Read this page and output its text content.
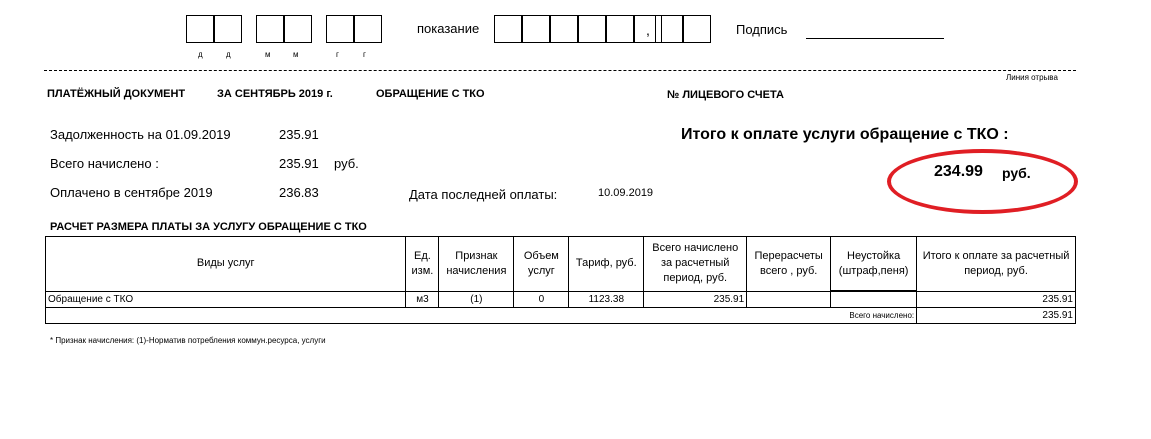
д	д	м	м	г	г
показание	,	Подпись
Линия отрыва
ПЛАТЁЖНЫЙ ДОКУМЕНТ	ЗА СЕНТЯБРЬ 2019 г.	ОБРАЩЕНИЕ С ТКО	№ ЛИЦЕВОГО СЧЕТА
Задолженность на 01.09.2019	235.91
Всего начислено :	235.91 руб.
Оплачено в сентябре 2019	236.83	Дата последней оплаты:	10.09.2019
Итого к оплате услуги обращение с ТКО :
234.99 руб.
РАСЧЕТ РАЗМЕРА ПЛАТЫ ЗА УСЛУГУ ОБРАЩЕНИЕ С ТКО
Виды услуг	Ед. изм.	Признак начисления	Объем услуг	Тариф, руб.	Всего начислено за расчетный период, руб.	Перерасчеты всего , руб.	Неустойка (штраф,пеня)	Итого к оплате за расчетный период, руб.
Обращение с ТКО	м3	(1)	0	1123.38	235.91			235.91
Всего начислено:								235.91
* Признак начисления: (1)-Норматив потребления коммун.ресурса, услуги
